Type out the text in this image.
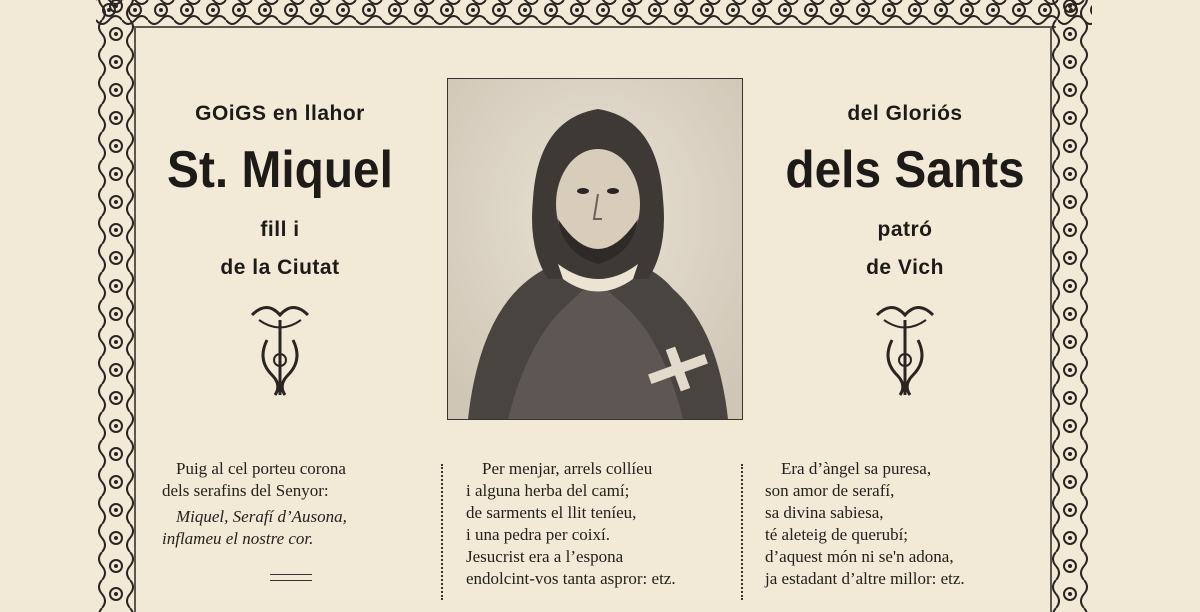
GOiGS en llahor
St. Miquel
fill i
de la Ciutat
del Gloriós
dels Sants
patró
de Vich
Puig al cel porteu corona
dels serafins del Senyor:
Miquel, Serafí d’Ausona,
inflameu el nostre cor.
Per menjar, arrels collíeu
i alguna herba del camí;
de sarments el llit teníeu,
i una pedra per coixí.
Jesucrist era a l’espona
endolcint-vos tanta aspror: etz.
Era d’àngel sa puresa,
son amor de serafí,
sa divina sabiesa,
té aleteig de querubí;
d’aquest món ni se'n adona,
ja estadant d’altre millor: etz.
